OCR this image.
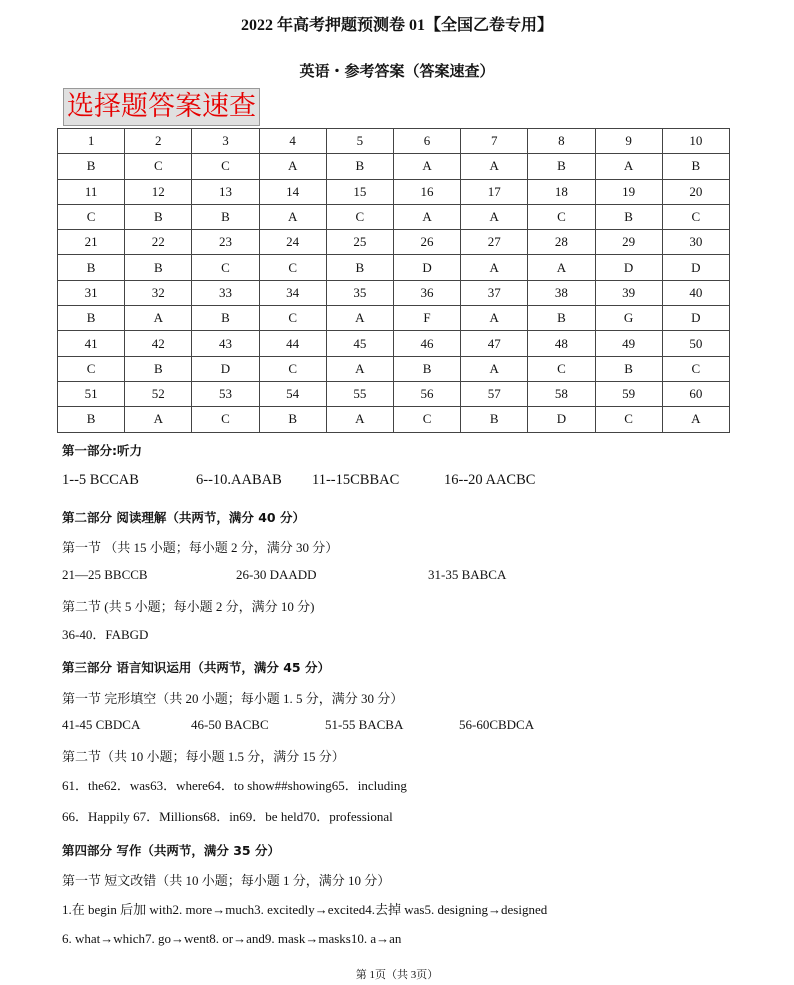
2022 年高考押题预测卷 01【全国乙卷专用】
英语・参考答案（答案速查）
选择题答案速查
1	2	3	4	5	6	7	8	9	10
B	C	C	A	B	A	A	B	A	B
11	12	13	14	15	16	17	18	19	20
C	B	B	A	C	A	A	C	B	C
21	22	23	24	25	26	27	28	29	30
B	B	C	C	B	D	A	A	D	D
31	32	33	34	35	36	37	38	39	40
B	A	B	C	A	F	A	B	G	D
41	42	43	44	45	46	47	48	49	50
C	B	D	C	A	B	A	C	B	C
51	52	53	54	55	56	57	58	59	60
B	A	C	B	A	C	B	D	C	A
第一部分:听力
1--5 BCCAB	6--10.AABAB 11--15CBBAC	16--20 AACBC
第二部分 阅读理解（共两节，满分 40 分）
第一节 （共 15 小题；每小题 2 分，满分 30 分）
21—25 BBCCB	26-30 DAADD	31-35 BABCA
第二节 (共 5 小题；每小题 2 分，满分 10 分)
36-40．FABGD
第三部分 语言知识运用（共两节，满分 45 分）
第一节 完形填空（共 20 小题；每小题 1. 5 分，满分 30 分）
41-45 CBDCA	46-50 BACBC	51-55 BACBA	56-60CBDCA
第二节（共 10 小题；每小题 1.5 分，满分 15 分）
61．the62．was63．where64．to show##showing65．including
66．Happily 67．Millions68．in69．be held70．professional
第四部分 写作（共两节，满分 35 分）
第一节 短文改错（共 10 小题；每小题 1 分，满分 10 分）
1.在 begin 后加 with2. more→much3. excitedly→excited4.去掉 was5. designing→designed
6. what→which7. go→went8. or→and9. mask→masks10. a→an
第 1页（共 3页）
